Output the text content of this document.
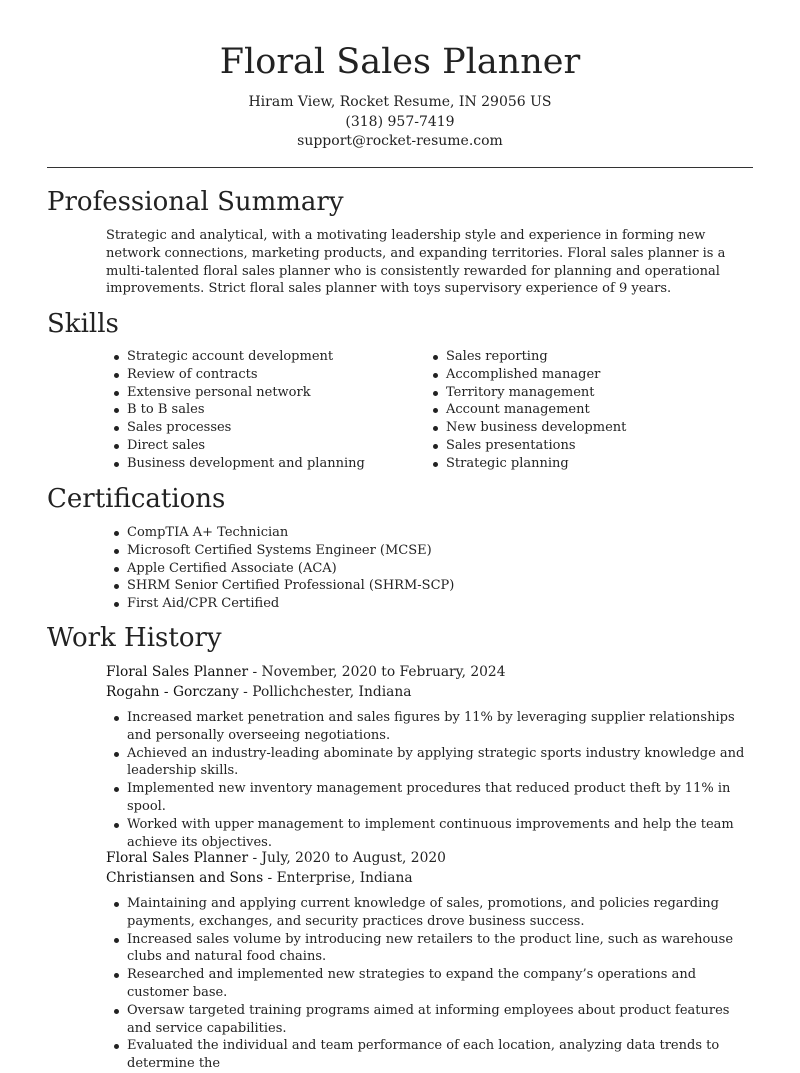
Floral Sales Planner
Hiram View, Rocket Resume, IN 29056 US
(318) 957-7419
support@rocket-resume.com
Professional Summary

Strategic and analytical, with a motivating leadership style and experience in forming new network connections, marketing products, and expanding territories. Floral sales planner is a multi-talented floral sales planner who is consistently rewarded for planning and operational improvements. Strict floral sales planner with toys supervisory experience of 9 years.

Skills
Strategic account development
Review of contracts
Extensive personal network
B to B sales
Sales processes
Direct sales
Business development and planning
Sales reporting
Accomplished manager
Territory management
Account management
New business development
Sales presentations
Strategic planning
Certifications
CompTIA A+ Technician
Microsoft Certified Systems Engineer (MCSE)
Apple Certified Associate (ACA)
SHRM Senior Certified Professional (SHRM-SCP)
First Aid/CPR Certified
Work History
Floral Sales Planner - November, 2020 to February, 2024
Rogahn - Gorczany - Pollichchester, Indiana
Increased market penetration and sales figures by 11% by leveraging supplier relationships and personally overseeing negotiations.
Achieved an industry-leading abominate by applying strategic sports industry knowledge and leadership skills.
Implemented new inventory management procedures that reduced product theft by 11% in spool.
Worked with upper management to implement continuous improvements and help the team achieve its objectives.
Floral Sales Planner - July, 2020 to August, 2020
Christiansen and Sons - Enterprise, Indiana
Maintaining and applying current knowledge of sales, promotions, and policies regarding payments, exchanges, and security practices drove business success.
Increased sales volume by introducing new retailers to the product line, such as warehouse clubs and natural food chains.
Researched and implemented new strategies to expand the company’s operations and customer base.
Oversaw targeted training programs aimed at informing employees about product features and service capabilities.
Evaluated the individual and team performance of each location, analyzing data trends to determine the
